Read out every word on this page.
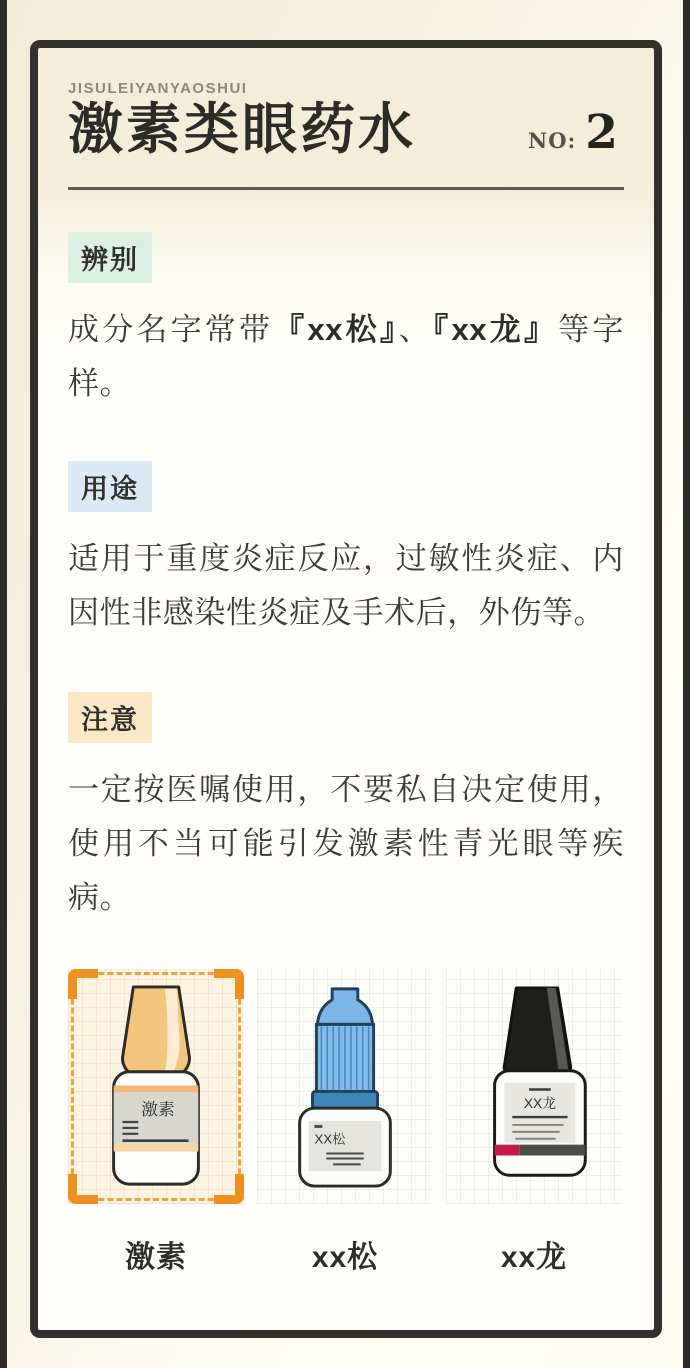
JISULEIYANYAOSHUI
激素类眼药水	NO: 2
辨别

成分名字常带『xx松』、『xx龙』等字样。

用途

适用于重度炎症反应，过敏性炎症、内因性非感染性炎症及手术后，外伤等。

注意

一定按医嘱使用，不要私自决定使用，使用不当可能引发激素性青光眼等疾病。

激素
XX松
XX龙
激素	xx松	xx龙
